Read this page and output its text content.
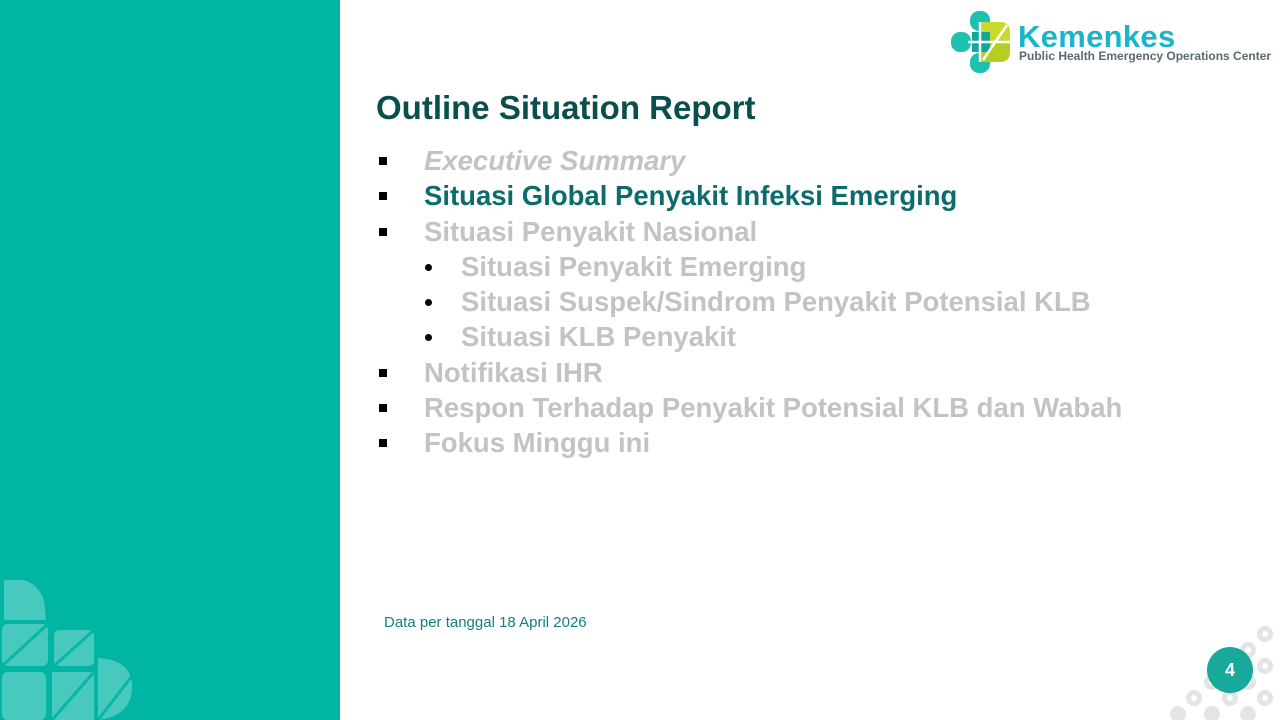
Kemenkes
Public Health Emergency Operations Center
Outline Situation Report
Executive Summary
Situasi Global Penyakit Infeksi Emerging
Situasi Penyakit Nasional
Situasi Penyakit Emerging
Situasi Suspek/Sindrom Penyakit Potensial KLB
Situasi KLB Penyakit
Notifikasi IHR
Respon Terhadap Penyakit Potensial KLB dan Wabah
Fokus Minggu ini
Data per tanggal 18 April 2026
4
